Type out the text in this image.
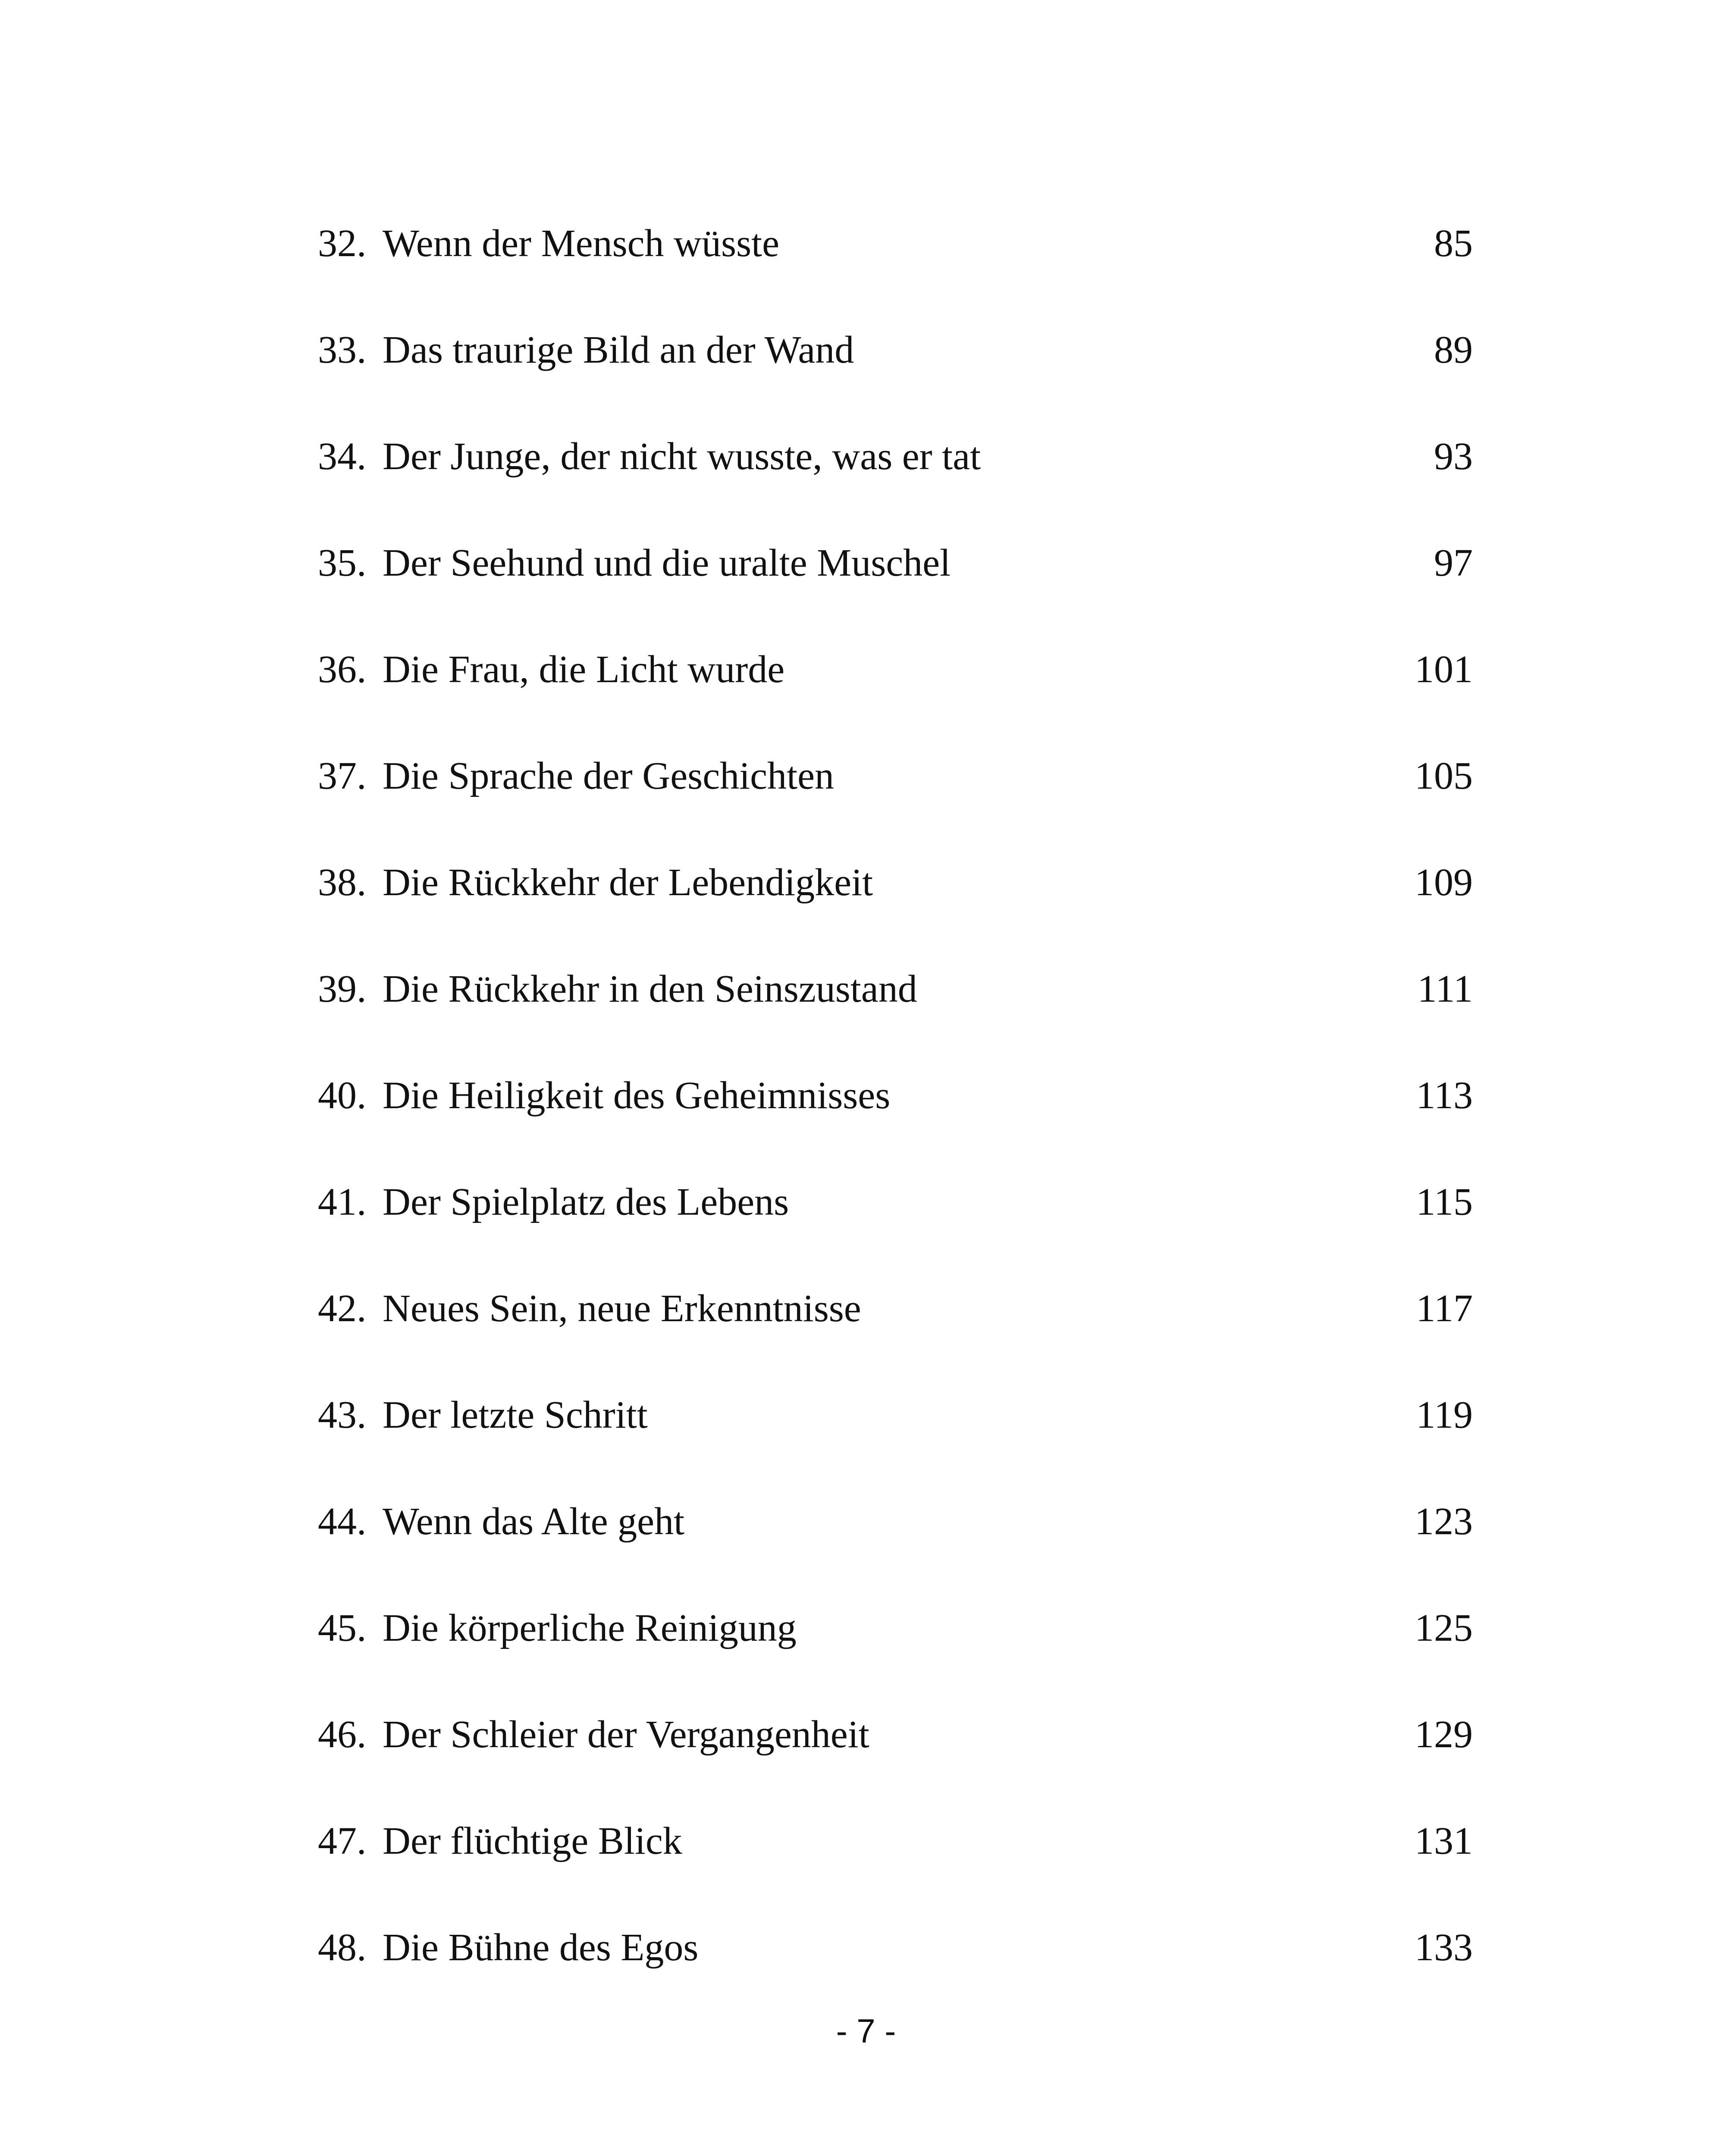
32. Wenn der Mensch wüsste	85
33. Das traurige Bild an der Wand	89
34. Der Junge, der nicht wusste, was er tat	93
35. Der Seehund und die uralte Muschel	97
36. Die Frau, die Licht wurde	101
37. Die Sprache der Geschichten	105
38. Die Rückkehr der Lebendigkeit	109
39. Die Rückkehr in den Seinszustand	111
40. Die Heiligkeit des Geheimnisses	113
41. Der Spielplatz des Lebens	115
42. Neues Sein, neue Erkenntnisse	117
43. Der letzte Schritt	119
44. Wenn das Alte geht	123
45. Die körperliche Reinigung	125
46. Der Schleier der Vergangenheit	129
47. Der flüchtige Blick	131
48. Die Bühne des Egos	133
- 7 -
